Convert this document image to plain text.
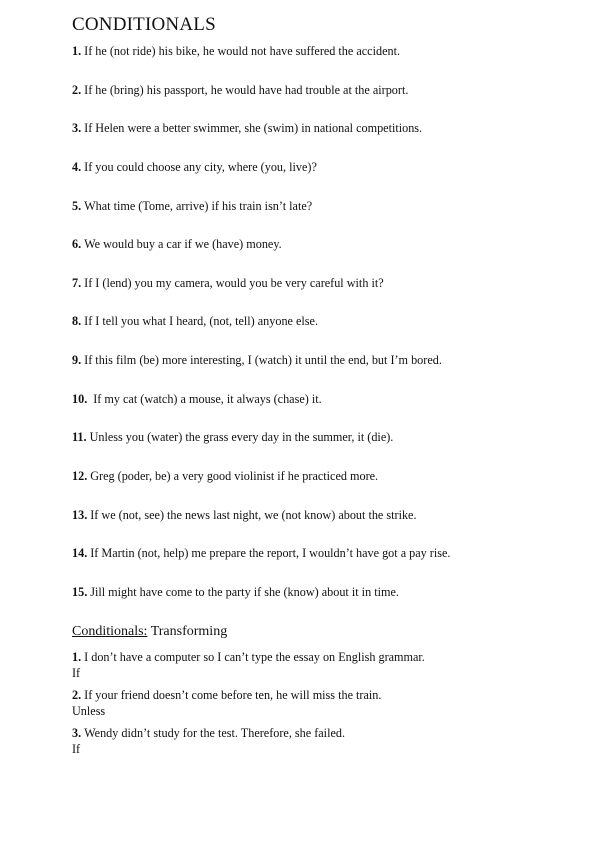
CONDITIONALS
1. If he (not ride) his bike, he would not have suffered the accident.
2. If he (bring) his passport, he would have had trouble at the airport.
3. If Helen were a better swimmer, she (swim) in national competitions.
4. If you could choose any city, where (you, live)?
5. What time (Tome, arrive) if his train isn’t late?
6. We would buy a car if we (have) money.
7. If I (lend) you my camera, would you be very careful with it?
8. If I tell you what I heard, (not, tell) anyone else.
9. If this film (be) more interesting, I (watch) it until the end, but I’m bored.
10. If my cat (watch) a mouse, it always (chase) it.
11. Unless you (water) the grass every day in the summer, it (die).
12. Greg (poder, be) a very good violinist if he practiced more.
13. If we (not, see) the news last night, we (not know) about the strike.
14. If Martin (not, help) me prepare the report, I wouldn’t have got a pay rise.
15. Jill might have come to the party if she (know) about it in time.
Conditionals: Transforming
1. I don’t have a computer so I can’t type the essay on English grammar.
If
2. If your friend doesn’t come before ten, he will miss the train.
Unless
3. Wendy didn’t study for the test. Therefore, she failed.
If
